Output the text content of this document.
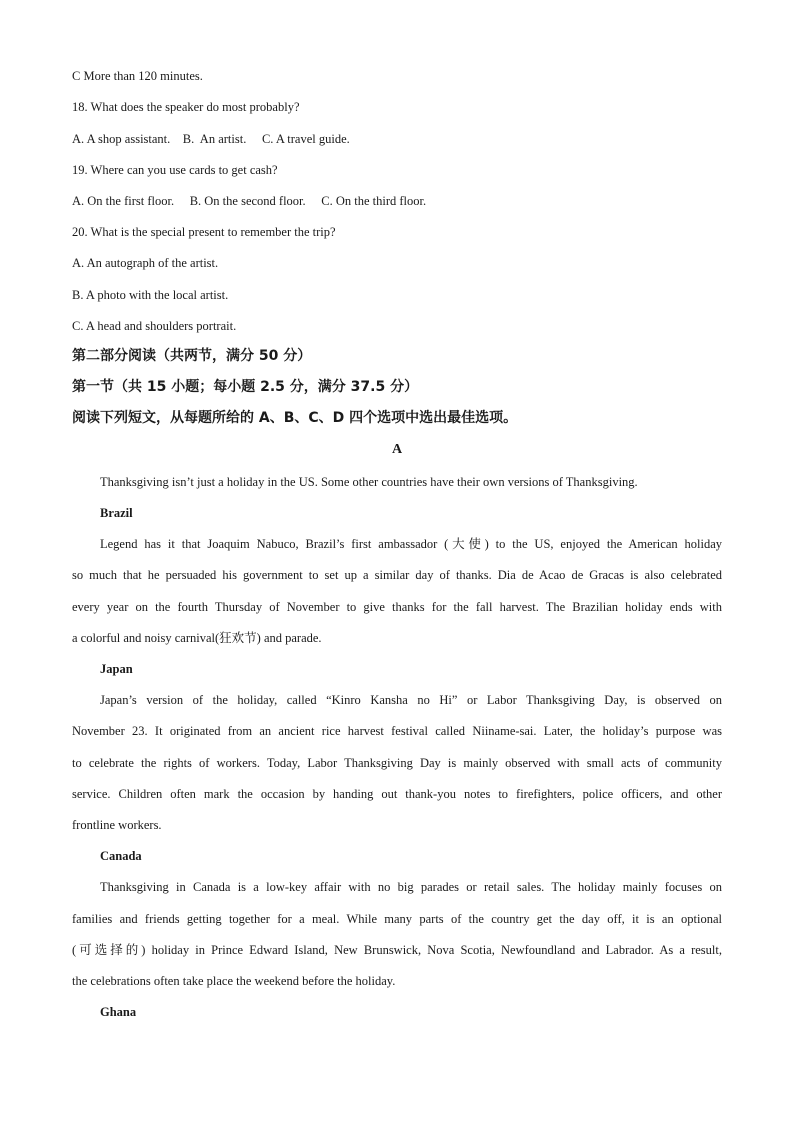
C More than 120 minutes.
18. What does the speaker do most probably?
A. A shop assistant.    B.  An artist.     C. A travel guide.
19. Where can you use cards to get cash?
A. On the first floor.     B. On the second floor.     C. On the third floor.
20. What is the special present to remember the trip?
A. An autograph of the artist.
B. A photo with the local artist.
C. A head and shoulders portrait.
第二部分阅读（共两节，满分 50 分）
第一节（共 15 小题；每小题 2.5 分，满分 37.5 分）
阅读下列短文，从每题所给的 A、B、C、D 四个选项中选出最佳选项。
A
Thanksgiving isn’t just a holiday in the US. Some other countries have their own versions of Thanksgiving.
Brazil
Legend has it that Joaquim Nabuco, Brazil’s first ambassador (大使) to the US, enjoyed the American holiday
so much that he persuaded his government to set up a similar day of thanks. Dia de Acao de Gracas is also celebrated
every year on the fourth Thursday of November to give thanks for the fall harvest. The Brazilian holiday ends with
a colorful and noisy carnival(狂欢节) and parade.
Japan
Japan’s version of the holiday, called “Kinro Kansha no Hi” or Labor Thanksgiving Day, is observed on
November 23. It originated from an ancient rice harvest festival called Niiname-sai. Later, the holiday’s purpose was
to celebrate the rights of workers. Today, Labor Thanksgiving Day is mainly observed with small acts of community
service. Children often mark the occasion by handing out thank-you notes to firefighters, police officers, and other
frontline workers.
Canada
Thanksgiving in Canada is a low-key affair with no big parades or retail sales. The holiday mainly focuses on
families and friends getting together for a meal. While many parts of the country get the day off, it is an optional
(可选择的) holiday in Prince Edward Island, New Brunswick, Nova Scotia, Newfoundland and Labrador. As a result,
the celebrations often take place the weekend before the holiday.
Ghana
